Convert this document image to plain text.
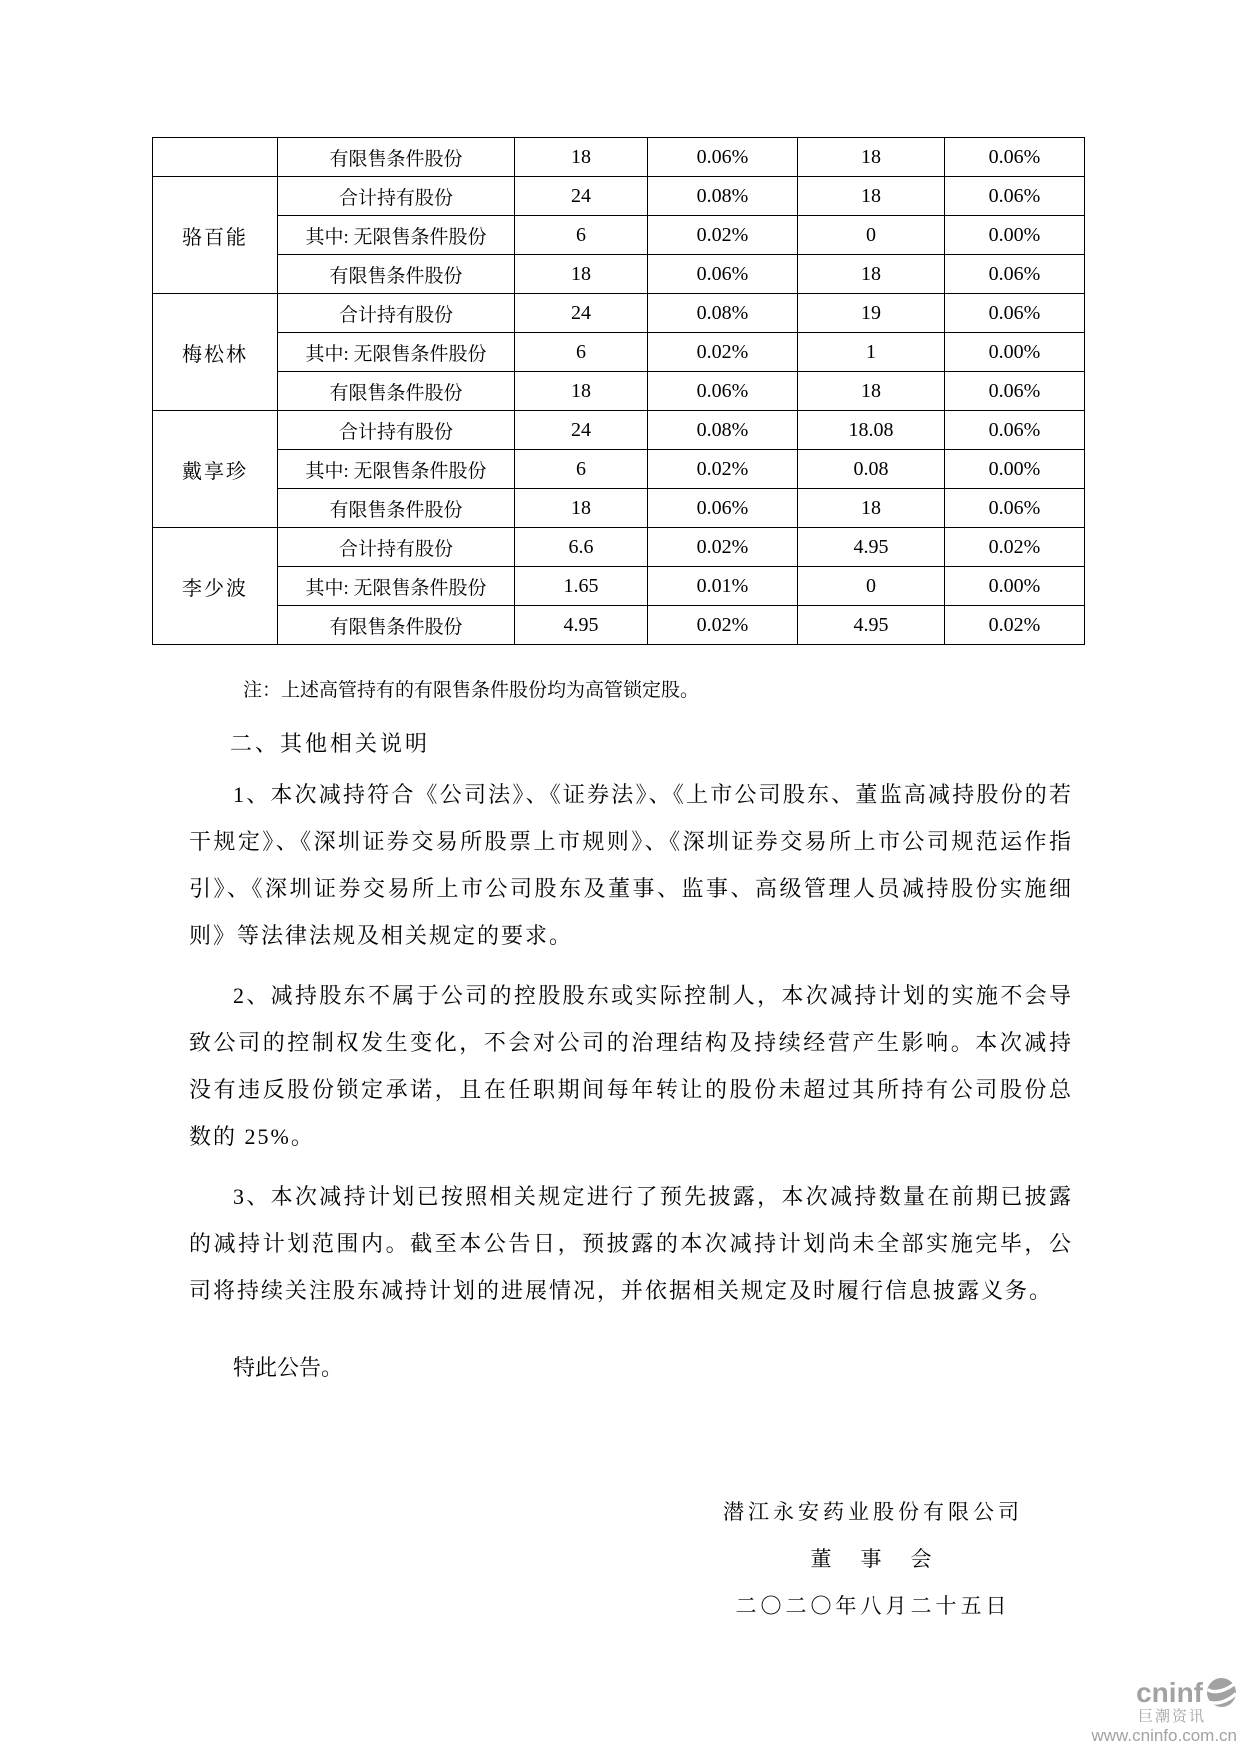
	有限售条件股份	18	0.06%	18	0.06%
骆百能	合计持有股份	24	0.08%	18	0.06%
	其中: 无限售条件股份	6	0.02%	0	0.00%
	有限售条件股份	18	0.06%	18	0.06%
梅松林	合计持有股份	24	0.08%	19	0.06%
	其中: 无限售条件股份	6	0.02%	1	0.00%
	有限售条件股份	18	0.06%	18	0.06%
戴享珍	合计持有股份	24	0.08%	18.08	0.06%
	其中: 无限售条件股份	6	0.02%	0.08	0.00%
	有限售条件股份	18	0.06%	18	0.06%
李少波	合计持有股份	6.6	0.02%	4.95	0.02%
	其中: 无限售条件股份	1.65	0.01%	0	0.00%
	有限售条件股份	4.95	0.02%	4.95	0.02%
注：上述高管持有的有限售条件股份均为高管锁定股。
二、其他相关说明

1、本次减持符合《公司法》、《证券法》、《上市公司股东、董监高减持股份的若干规定》、《深圳证券交易所股票上市规则》、《深圳证券交易所上市公司规范运作指引》、《深圳证券交易所上市公司股东及董事、监事、高级管理人员减持股份实施细则》等法律法规及相关规定的要求。

2、减持股东不属于公司的控股股东或实际控制人，本次减持计划的实施不会导致公司的控制权发生变化，不会对公司的治理结构及持续经营产生影响。本次减持没有违反股份锁定承诺，且在任职期间每年转让的股份未超过其所持有公司股份总数的 25%。

3、本次减持计划已按照相关规定进行了预先披露，本次减持数量在前期已披露的减持计划范围内。截至本公告日，预披露的本次减持计划尚未全部实施完毕，公司将持续关注股东减持计划的进展情况，并依据相关规定及时履行信息披露义务。

特此公告。

潜江永安药业股份有限公司
董　事　会
二〇二〇年八月二十五日
cninf
巨潮资讯
www.cninfo.com.cn
